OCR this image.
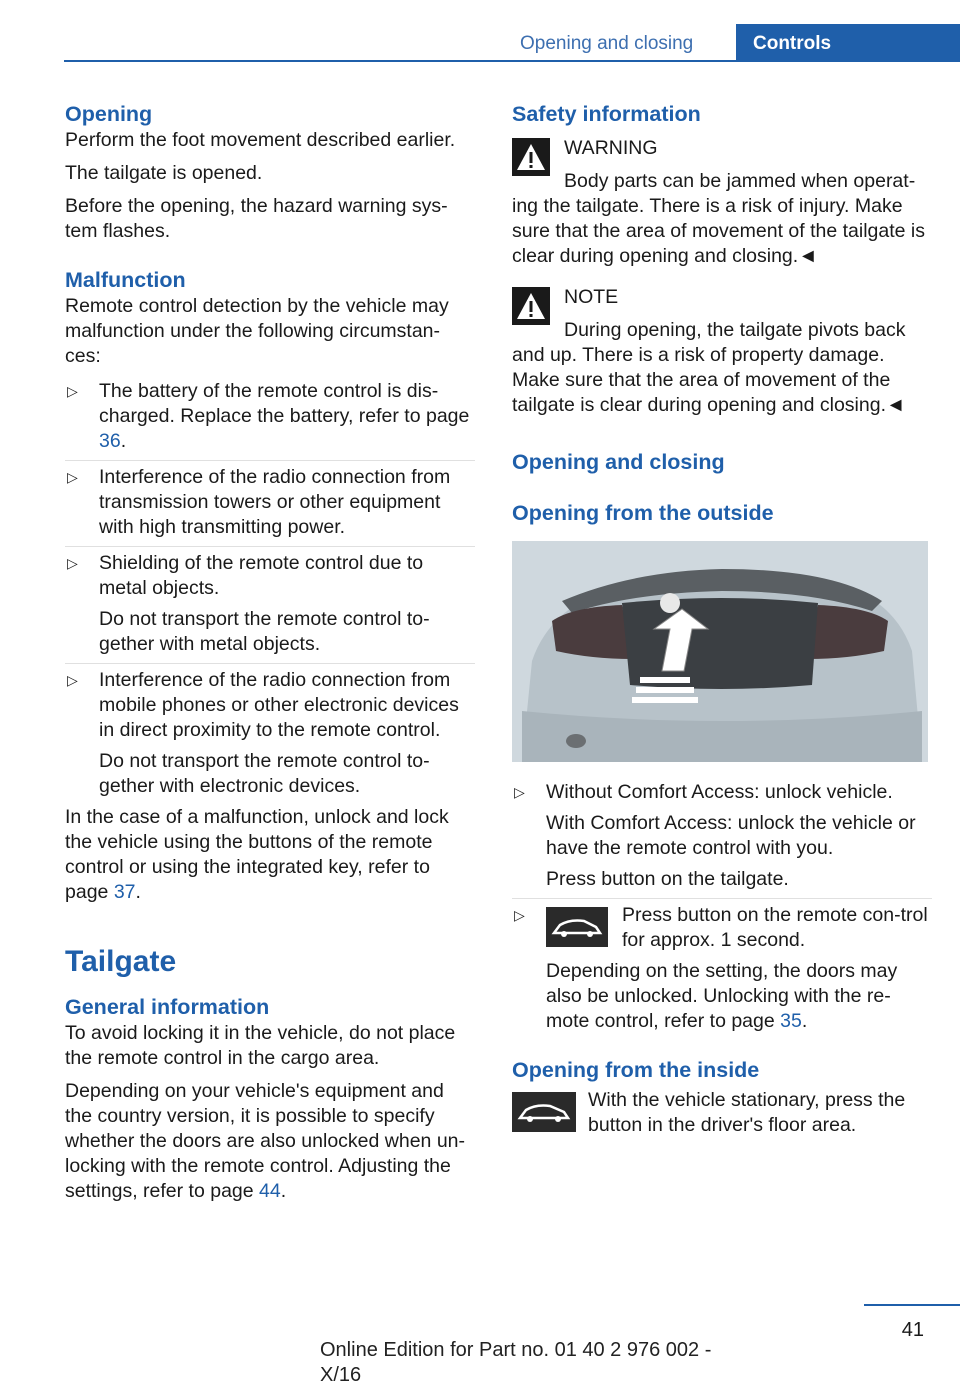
Opening and closing	Controls
Opening

Perform the foot movement described earlier.

The tailgate is opened.

Before the opening, the hazard warning sys‐tem flashes.

Malfunction

Remote control detection by the vehicle may malfunction under the following circumstan‐ces:

▷ The battery of the remote control is dis‐charged. Replace the battery, refer to page 36.
▷ Interference of the radio connection from transmission towers or other equipment with high transmitting power.
▷ Shielding of the remote control due to metal objects.

Do not transport the remote control to‐gether with metal objects.

▷ Interference of the radio connection from mobile phones or other electronic devices in direct proximity to the remote control.

Do not transport the remote control to‐gether with electronic devices.

In the case of a malfunction, unlock and lock the vehicle using the buttons of the remote control or using the integrated key, refer to page 37.

Tailgate
General information

To avoid locking it in the vehicle, do not place the remote control in the cargo area.

Depending on your vehicle's equipment and the country version, it is possible to specify whether the doors are also unlocked when un‐locking with the remote control. Adjusting the settings, refer to page 44.

Safety information
WARNING
Body parts can be jammed when operat‐
ing the tailgate. There is a risk of injury. Make sure that the area of movement of the tailgate is clear during opening and closing.◄
NOTE
During opening, the tailgate pivots back
and up. There is a risk of property damage. Make sure that the area of movement of the tailgate is clear during opening and closing.◄
Opening and closing
Opening from the outside
▷ Without Comfort Access: unlock vehicle.

With Comfort Access: unlock the vehicle or have the remote control with you.

Press button on the tailgate.

▷	Press button on the remote con‐trol for approx. 1 second.

Depending on the setting, the doors may also be unlocked. Unlocking with the re‐mote control, refer to page 35.

Opening from the inside
With the vehicle stationary, press the button in the driver's floor area.
41
Online Edition for Part no. 01 40 2 976 002 - X/16
